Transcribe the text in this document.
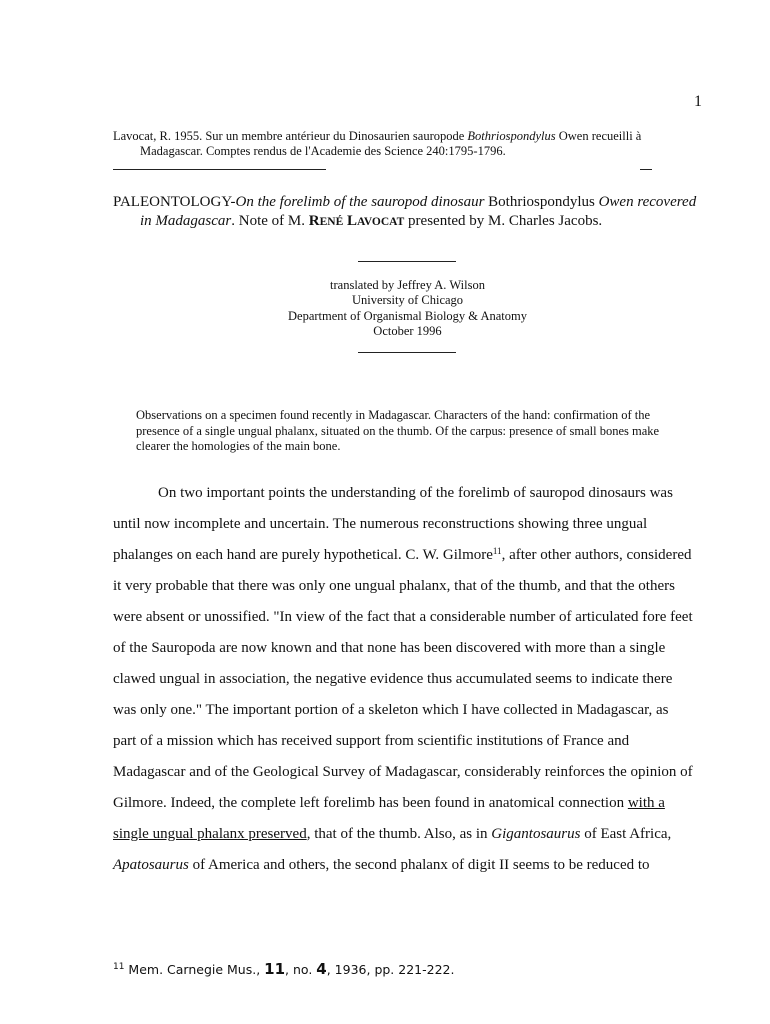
1
Lavocat, R. 1955. Sur un membre antérieur du Dinosaurien sauropode Bothriospondylus Owen recueilli à
Madagascar. Comptes rendus de l'Academie des Science 240:1795-1796.
PALEONTOLOGY-On the forelimb of the sauropod dinosaur Bothriospondylus Owen recovered
in Madagascar. Note of M. RENÉ LAVOCAT presented by M. Charles Jacobs.
translated by Jeffrey A. Wilson
University of Chicago
Department of Organismal Biology & Anatomy
October 1996
Observations on a specimen found recently in Madagascar. Characters of the hand: confirmation of the presence of a single ungual phalanx, situated on the thumb. Of the carpus: presence of small bones make clearer the homologies of the main bone.
On two important points the understanding of the forelimb of sauropod dinosaurs was
until now incomplete and uncertain. The numerous reconstructions showing three ungual
phalanges on each hand are purely hypothetical. C. W. Gilmore$^{11}$, after other authors, considered
it very probable that there was only one ungual phalanx, that of the thumb, and that the others
were absent or unossified. "In view of the fact that a considerable number of articulated fore feet
of the Sauropoda are now known and that none has been discovered with more than a single
clawed ungual in association, the negative evidence thus accumulated seems to indicate there
was only one." The important portion of a skeleton which I have collected in Madagascar, as
part of a mission which has received support from scientific institutions of France and
Madagascar and of the Geological Survey of Madagascar, considerably reinforces the opinion of
Gilmore. Indeed, the complete left forelimb has been found in anatomical connection with a
single ungual phalanx preserved, that of the thumb. Also, as in Gigantosaurus of East Africa,
Apatosaurus of America and others, the second phalanx of digit II seems to be reduced to
$^{11}$ Mem. Carnegie Mus., 11, no. 4, 1936, pp. 221-222.
